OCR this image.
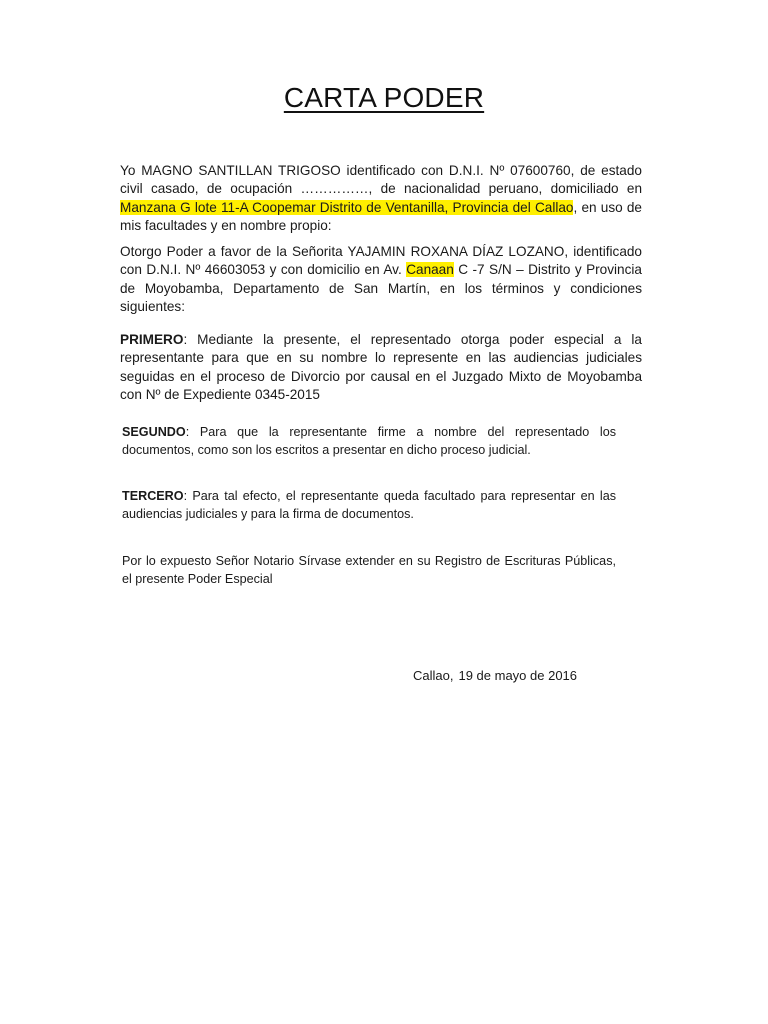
CARTA PODER

Yo MAGNO SANTILLAN TRIGOSO identificado con D.N.I. Nº 07600760, de estado civil casado, de ocupación ……………, de nacionalidad peruano, domiciliado en Manzana G lote 11-A Coopemar Distrito de Ventanilla, Provincia del Callao, en uso de mis facultades y en nombre propio:

Otorgo Poder a favor de la Señorita YAJAMIN ROXANA DÍAZ LOZANO, identificado con D.N.I. Nº 46603053 y con domicilio en Av. Canaan C -7 S/N – Distrito y Provincia de Moyobamba, Departamento de San Martín, en los términos y condiciones siguientes:

PRIMERO: Mediante la presente, el representado otorga poder especial a la representante para que en su nombre lo represente en las audiencias judiciales seguidas en el proceso de Divorcio por causal en el Juzgado Mixto de Moyobamba con Nº de Expediente 0345-2015

SEGUNDO: Para que la representante firme a nombre del representado los documentos, como son los escritos a presentar en dicho proceso judicial.

TERCERO: Para tal efecto, el representante queda facultado para representar en las audiencias judiciales y para la firma de documentos.

Por lo expuesto Señor Notario Sírvase extender en su Registro de Escrituras Públicas, el presente Poder Especial

Callao, 19 de mayo de 2016
